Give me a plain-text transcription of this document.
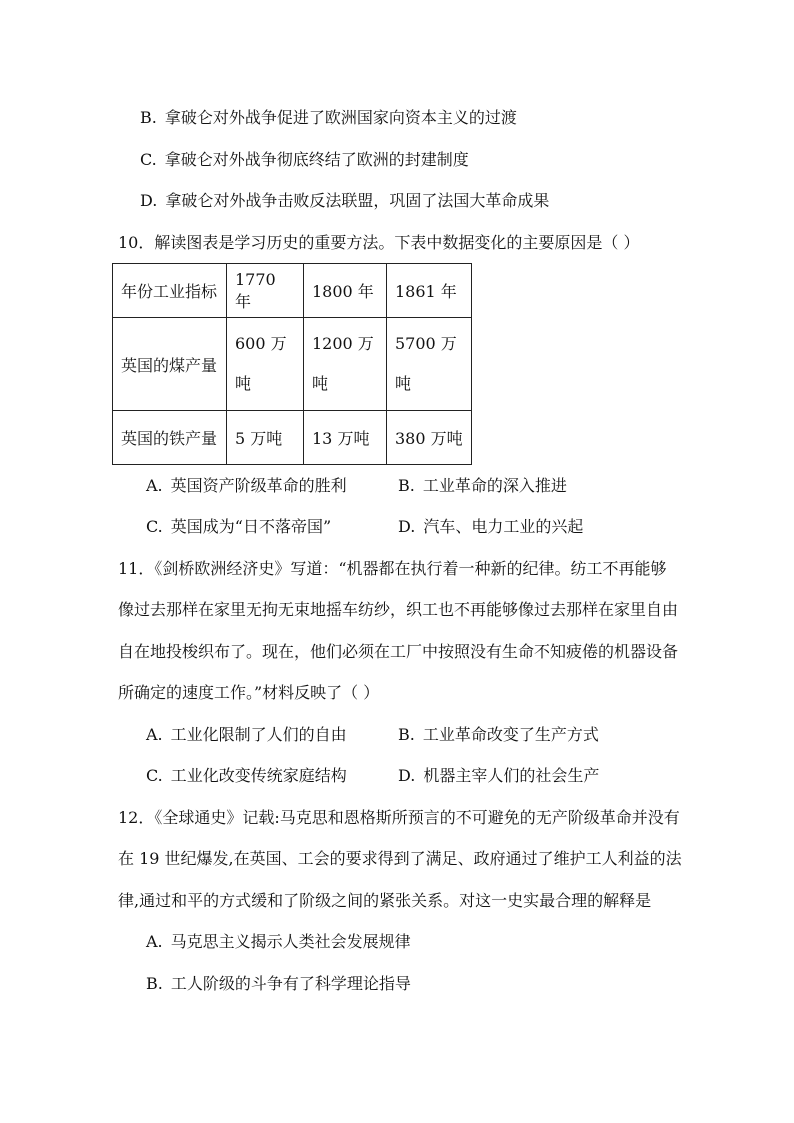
B. 拿破仑对外战争促进了欧洲国家向资本主义的过渡
C. 拿破仑对外战争彻底终结了欧洲的封建制度
D. 拿破仑对外战争击败反法联盟，巩固了法国大革命成果
10．解读图表是学习历史的重要方法。下表中数据变化的主要原因是（ ）
年份工业指标	1770 年	1800 年	1861 年
英国的煤产量	600 万吨	1200 万吨	5700 万吨

英国的铁产量	5 万吨	13 万吨	380 万吨
A. 英国资产阶级革命的胜利	B. 工业革命的深入推进
C. 英国成为“日不落帝国”	D. 汽车、电力工业的兴起
11．《剑桥欧洲经济史》写道：“机器都在执行着一种新的纪律。纺工不再能够
像过去那样在家里无拘无束地摇车纺纱，织工也不再能够像过去那样在家里自由
自在地投梭织布了。现在，他们必须在工厂中按照没有生命不知疲倦的机器设备
所确定的速度工作。”材料反映了（ ）
A. 工业化限制了人们的自由	B. 工业革命改变了生产方式
C. 工业化改变传统家庭结构	D. 机器主宰人们的社会生产
12．《全球通史》记载:马克思和恩格斯所预言的不可避免的无产阶级革命并没有
在 19 世纪爆发,在英国、工会的要求得到了满足、政府通过了维护工人利益的法
律,通过和平的方式缓和了阶级之间的紧张关系。对这一史实最合理的解释是
A. 马克思主义揭示人类社会发展规律
B. 工人阶级的斗争有了科学理论指导
